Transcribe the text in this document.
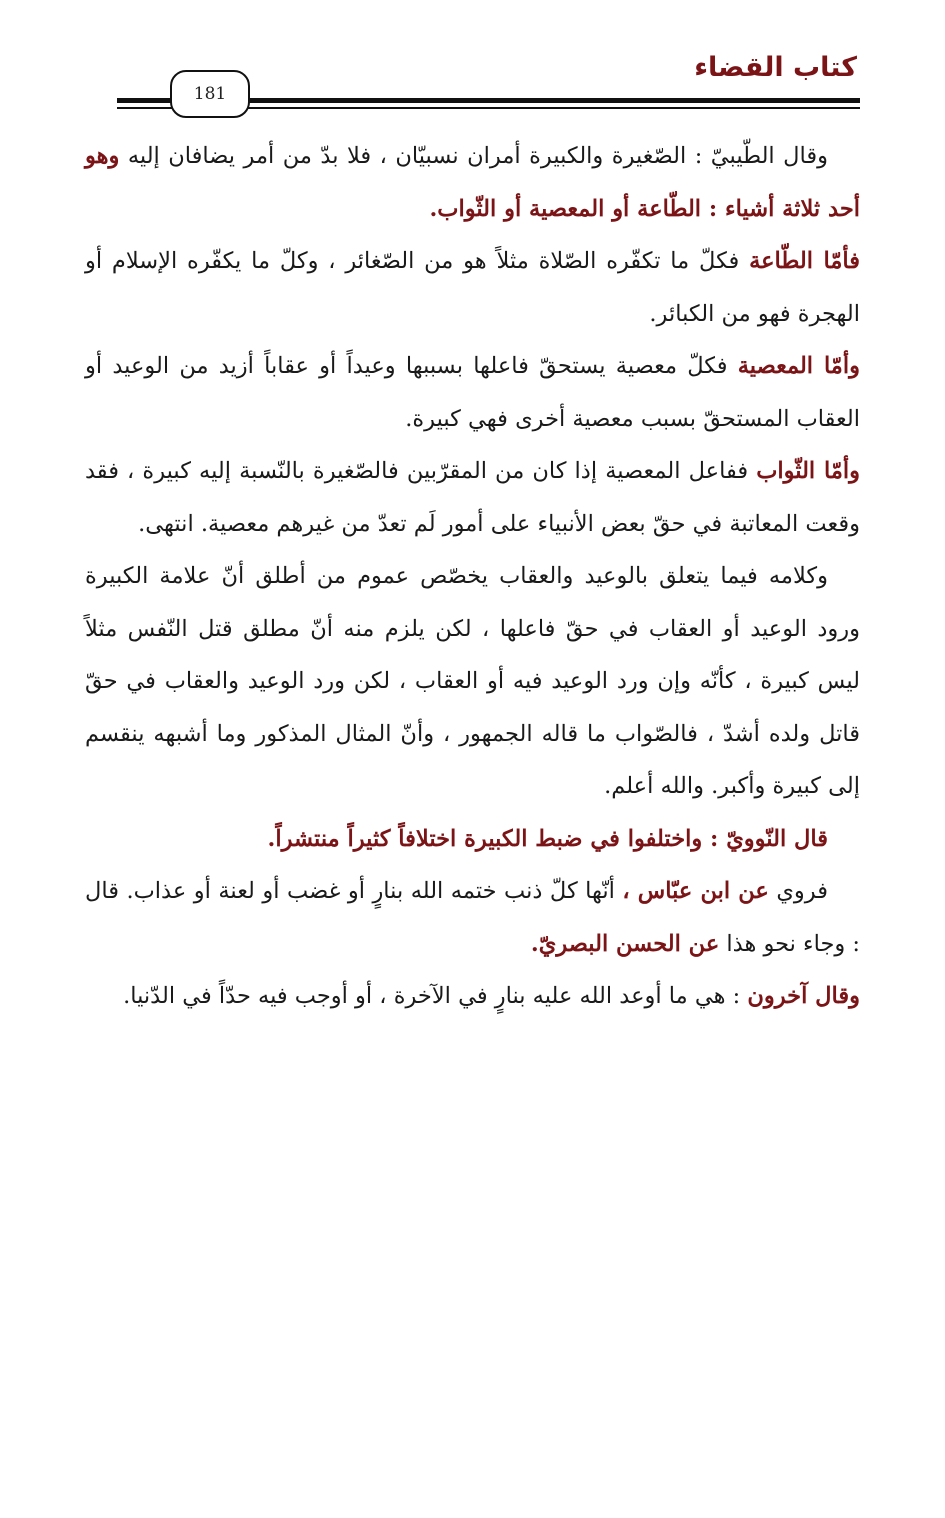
كتاب القضاء
181

وقال الطّيبيّ : الصّغيرة والكبيرة أمران نسبيّان ، فلا بدّ من أمر يضافان إليه وهو أحد ثلاثة أشياء : الطّاعة أو المعصية أو الثّواب.

فأمّا الطّاعة فكلّ ما تكفّره الصّلاة مثلاً هو من الصّغائر ، وكلّ ما يكفّره الإسلام أو الهجرة فهو من الكبائر.

وأمّا المعصية فكلّ معصية يستحقّ فاعلها بسببها وعيداً أو عقاباً أزيد من الوعيد أو العقاب المستحقّ بسبب معصية أخرى فهي كبيرة.

وأمّا الثّواب ففاعل المعصية إذا كان من المقرّبين فالصّغيرة بالنّسبة إليه كبيرة ، فقد وقعت المعاتبة في حقّ بعض الأنبياء على أمور لَم تعدّ من غيرهم معصية. انتهى.

وكلامه فيما يتعلق بالوعيد والعقاب يخصّص عموم من أطلق أنّ علامة الكبيرة ورود الوعيد أو العقاب في حقّ فاعلها ، لكن يلزم منه أنّ مطلق قتل النّفس مثلاً ليس كبيرة ، كأنّه وإن ورد الوعيد فيه أو العقاب ، لكن ورد الوعيد والعقاب في حقّ قاتل ولده أشدّ ، فالصّواب ما قاله الجمهور ، وأنّ المثال المذكور وما أشبهه ينقسم إلى كبيرة وأكبر. والله أعلم.

قال النّوويّ : واختلفوا في ضبط الكبيرة اختلافاً كثيراً منتشراً.

فروي عن ابن عبّاس ، أنّها كلّ ذنب ختمه الله بنارٍ أو غضب أو لعنة أو عذاب. قال : وجاء نحو هذا عن الحسن البصريّ.

وقال آخرون : هي ما أوعد الله عليه بنارٍ في الآخرة ، أو أوجب فيه حدّاً في الدّنيا.
